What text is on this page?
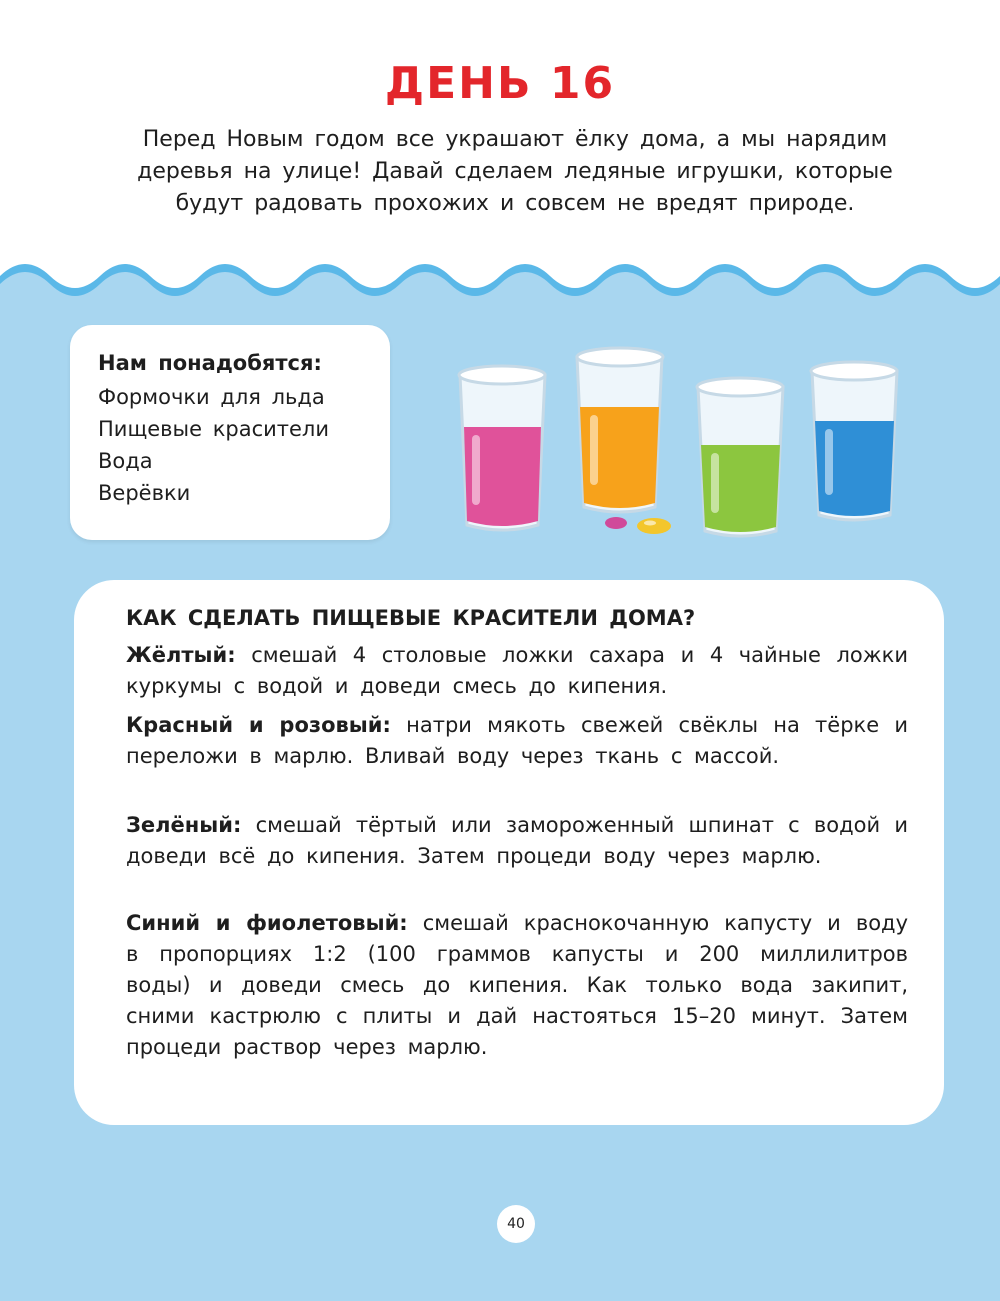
ДЕНЬ 16
Перед Новым годом все украшают ёлку дома, а мы нарядим
деревья на улице! Давай сделаем ледяные игрушки, которые
будут радовать прохожих и совсем не вредят природе.
Нам понадобятся:
Формочки для льда
Пищевые красители
Вода
Верёвки
КАК СДЕЛАТЬ ПИЩЕВЫЕ КРАСИТЕЛИ ДОМА?
Жёлтый: смешай 4 столовые ложки сахара и 4 чайные ложки куркумы с водой и доведи смесь до кипения.
Красный и розовый: натри мякоть свежей свёклы на тёрке и переложи в марлю. Вливай воду через ткань с массой.
Зелёный: смешай тёртый или замороженный шпинат с водой и доведи всё до кипения. Затем процеди воду через марлю.
Синий и фиолетовый: смешай краснокочанную капусту и воду в пропорциях 1:2 (100 граммов капусты и 200 миллилитров воды) и доведи смесь до кипения. Как только вода закипит, сними кастрюлю с плиты и дай настояться 15–20 минут. Затем процеди раствор через марлю.
40
